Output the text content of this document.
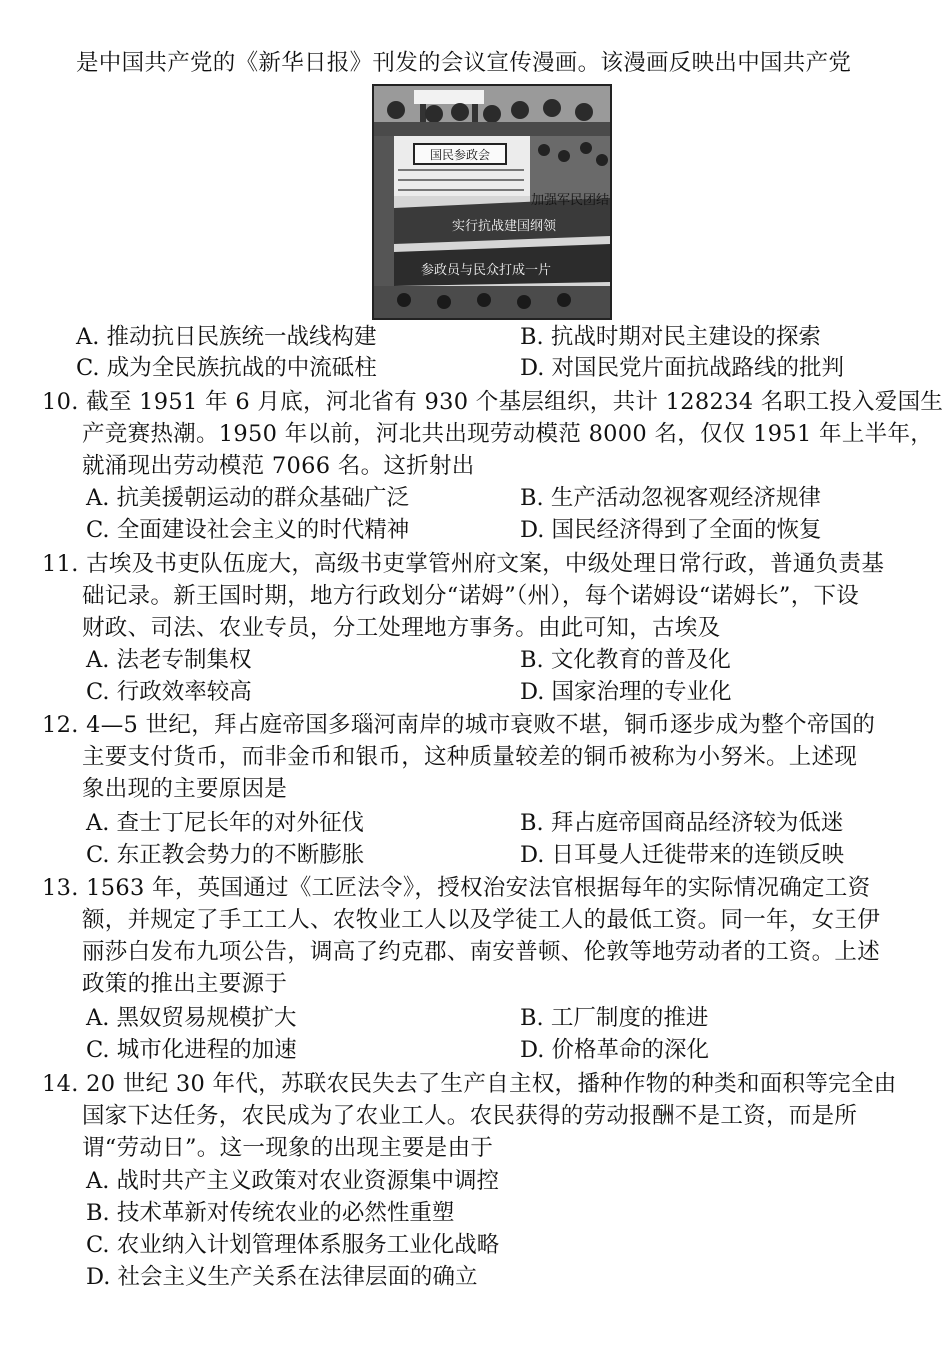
是中国共产党的《新华日报》刊发的会议宣传漫画。该漫画反映出中国共产党
国民参政会
加强军民团结
实行抗战建国纲领
参政员与民众打成一片
A. 推动抗日民族统一战线构建	B. 抗战时期对民主建设的探索
C. 成为全民族抗战的中流砥柱	D. 对国民党片面抗战路线的批判
10. 截至 1951 年 6 月底，河北省有 930 个基层组织，共计 128234 名职工投入爱国生
产竞赛热潮。1950 年以前，河北共出现劳动模范 8000 名，仅仅 1951 年上半年，
就涌现出劳动模范 7066 名。这折射出
A. 抗美援朝运动的群众基础广泛	B. 生产活动忽视客观经济规律
C. 全面建设社会主义的时代精神	D. 国民经济得到了全面的恢复
11. 古埃及书吏队伍庞大，高级书吏掌管州府文案，中级处理日常行政，普通负责基
础记录。新王国时期，地方行政划分“诺姆”（州），每个诺姆设“诺姆长”，下设
财政、司法、农业专员，分工处理地方事务。由此可知，古埃及
A. 法老专制集权	B. 文化教育的普及化
C. 行政效率较高	D. 国家治理的专业化
12. 4—5 世纪，拜占庭帝国多瑙河南岸的城市衰败不堪，铜币逐步成为整个帝国的
主要支付货币，而非金币和银币，这种质量较差的铜币被称为小努米。上述现
象出现的主要原因是
A. 查士丁尼长年的对外征伐	B. 拜占庭帝国商品经济较为低迷
C. 东正教会势力的不断膨胀	D. 日耳曼人迁徙带来的连锁反映
13. 1563 年，英国通过《工匠法令》，授权治安法官根据每年的实际情况确定工资
额，并规定了手工工人、农牧业工人以及学徒工人的最低工资。同一年，女王伊
丽莎白发布九项公告，调高了约克郡、南安普顿、伦敦等地劳动者的工资。上述
政策的推出主要源于
A. 黑奴贸易规模扩大	B. 工厂制度的推进
C. 城市化进程的加速	D. 价格革命的深化
14. 20 世纪 30 年代，苏联农民失去了生产自主权，播种作物的种类和面积等完全由
国家下达任务，农民成为了农业工人。农民获得的劳动报酬不是工资，而是所
谓“劳动日”。这一现象的出现主要是由于
A. 战时共产主义政策对农业资源集中调控
B. 技术革新对传统农业的必然性重塑
C. 农业纳入计划管理体系服务工业化战略
D. 社会主义生产关系在法律层面的确立
